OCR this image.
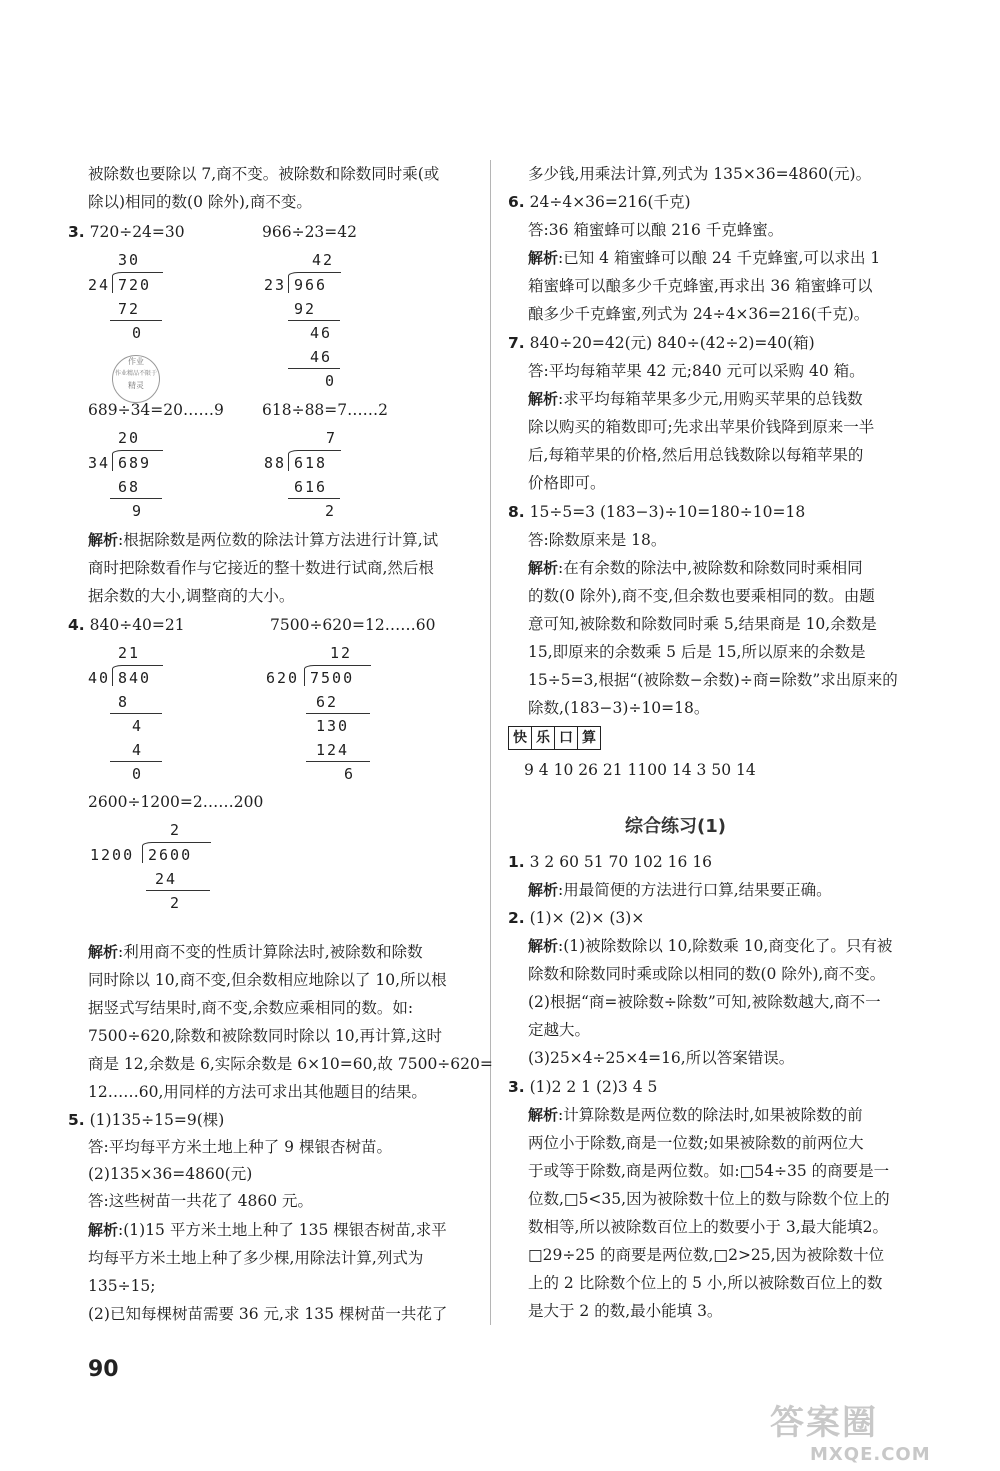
被除数也要除以 7,商不变。被除数和除数同时乘(或
除以)相同的数(0 除外),商不变。
3. 720÷24=30	966÷23=42
30
24 720
72
0
42
23 966
92
46
46
0
作业
作业精品不限于
精灵
689÷34=20……9 618÷88=7……2
20
34 689
68
9
7
88 618
616
2
解析:根据除数是两位数的除法计算方法进行计算,试
商时把除数看作与它接近的整十数进行试商,然后根
据余数的大小,调整商的大小。
4. 840÷40=21	7500÷620=12……60
21
40 840
8
4
4
0
12
620 7500
62
130
124
6
2600÷1200=2……200
2
1200 2600
24
2
解析:利用商不变的性质计算除法时,被除数和除数
同时除以 10,商不变,但余数相应地除以了 10,所以根
据竖式写结果时,商不变,余数应乘相同的数。如:
7500÷620,除数和被除数同时除以 10,再计算,这时
商是 12,余数是 6,实际余数是 6×10=60,故 7500÷620=
12……60,用同样的方法可求出其他题目的结果。
5. (1)135÷15=9(棵)
答:平均每平方米土地上种了 9 棵银杏树苗。
(2)135×36=4860(元)
答:这些树苗一共花了 4860 元。
解析:(1)15 平方米土地上种了 135 棵银杏树苗,求平
均每平方米土地上种了多少棵,用除法计算,列式为
135÷15;
(2)已知每棵树苗需要 36 元,求 135 棵树苗一共花了
90
多少钱,用乘法计算,列式为 135×36=4860(元)。
6. 24÷4×36=216(千克)
答:36 箱蜜蜂可以酿 216 千克蜂蜜。
解析:已知 4 箱蜜蜂可以酿 24 千克蜂蜜,可以求出 1
箱蜜蜂可以酿多少千克蜂蜜,再求出 36 箱蜜蜂可以
酿多少千克蜂蜜,列式为 24÷4×36=216(千克)。
7. 840÷20=42(元) 840÷(42÷2)=40(箱)
答:平均每箱苹果 42 元;840 元可以采购 40 箱。
解析:求平均每箱苹果多少元,用购买苹果的总钱数
除以购买的箱数即可;先求出苹果价钱降到原来一半
后,每箱苹果的价格,然后用总钱数除以每箱苹果的
价格即可。
8. 15÷5=3 (183−3)÷10=180÷10=18
答:除数原来是 18。
解析:在有余数的除法中,被除数和除数同时乘相同
的数(0 除外),商不变,但余数也要乘相同的数。由题
意可知,被除数和除数同时乘 5,结果商是 10,余数是
15,即原来的余数乘 5 后是 15,所以原来的余数是
15÷5=3,根据“(被除数−余数)÷商=除数”求出原来的
除数,(183−3)÷10=18。
快 乐 口 算
9 4 10 26 21 1100 14 3 50 14
综合练习(1)
1. 3 2 60 51 70 102 16 16
解析:用最简便的方法进行口算,结果要正确。
2. (1)× (2)× (3)×
解析:(1)被除数除以 10,除数乘 10,商变化了。只有被
除数和除数同时乘或除以相同的数(0 除外),商不变。
(2)根据“商=被除数÷除数”可知,被除数越大,商不一
定越大。
(3)25×4÷25×4=16,所以答案错误。
3. (1)2 2 1 (2)3 4 5
解析:计算除数是两位数的除法时,如果被除数的前
两位小于除数,商是一位数;如果被除数的前两位大
于或等于除数,商是两位数。如:□54÷35 的商要是一
位数,□5<35,因为被除数十位上的数与除数个位上的
数相等,所以被除数百位上的数要小于 3,最大能填2。
□29÷25 的商要是两位数,□2>25,因为被除数十位
上的 2 比除数个位上的 5 小,所以被除数百位上的数
是大于 2 的数,最小能填 3。
答案圈
MXQE.COM
